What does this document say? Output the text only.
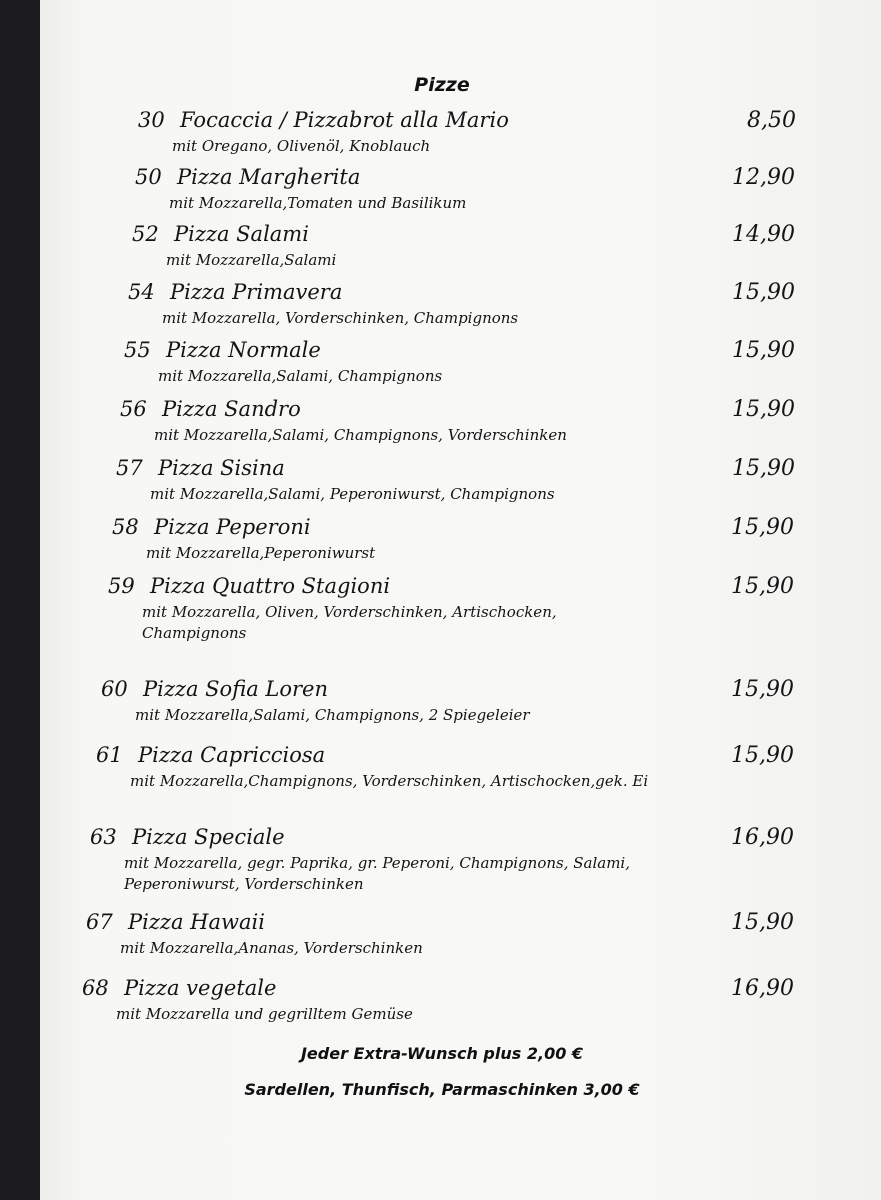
Pizze
30 Focaccia / Pizzabrot alla Mario	8,50
mit Oregano, Olivenöl, Knoblauch
50 Pizza Margherita	12,90
mit Mozzarella,Tomaten und Basilikum
52 Pizza Salami	14,90
mit Mozzarella,Salami
54 Pizza Primavera	15,90
mit Mozzarella, Vorderschinken, Champignons
55 Pizza Normale	15,90
mit Mozzarella,Salami, Champignons
56 Pizza Sandro	15,90
mit Mozzarella,Salami, Champignons, Vorderschinken
57 Pizza Sisina	15,90
mit Mozzarella,Salami, Peperoniwurst, Champignons
58 Pizza Peperoni	15,90
mit Mozzarella,Peperoniwurst
59 Pizza Quattro Stagioni	15,90
mit Mozzarella, Oliven, Vorderschinken, Artischocken, Champignons
60 Pizza Sofia Loren	15,90
mit Mozzarella,Salami, Champignons, 2 Spiegeleier
61 Pizza Capricciosa	15,90
mit Mozzarella,Champignons, Vorderschinken, Artischocken,gek. Ei
63 Pizza Speciale	16,90
mit Mozzarella, gegr. Paprika, gr. Peperoni, Champignons, Salami, Peperoniwurst, Vorderschinken
67 Pizza Hawaii	15,90
mit Mozzarella,Ananas, Vorderschinken
68 Pizza vegetale	16,90
mit Mozzarella und gegrilltem Gemüse
Jeder Extra-Wunsch plus 2,00 €
Sardellen, Thunfisch, Parmaschinken 3,00 €
